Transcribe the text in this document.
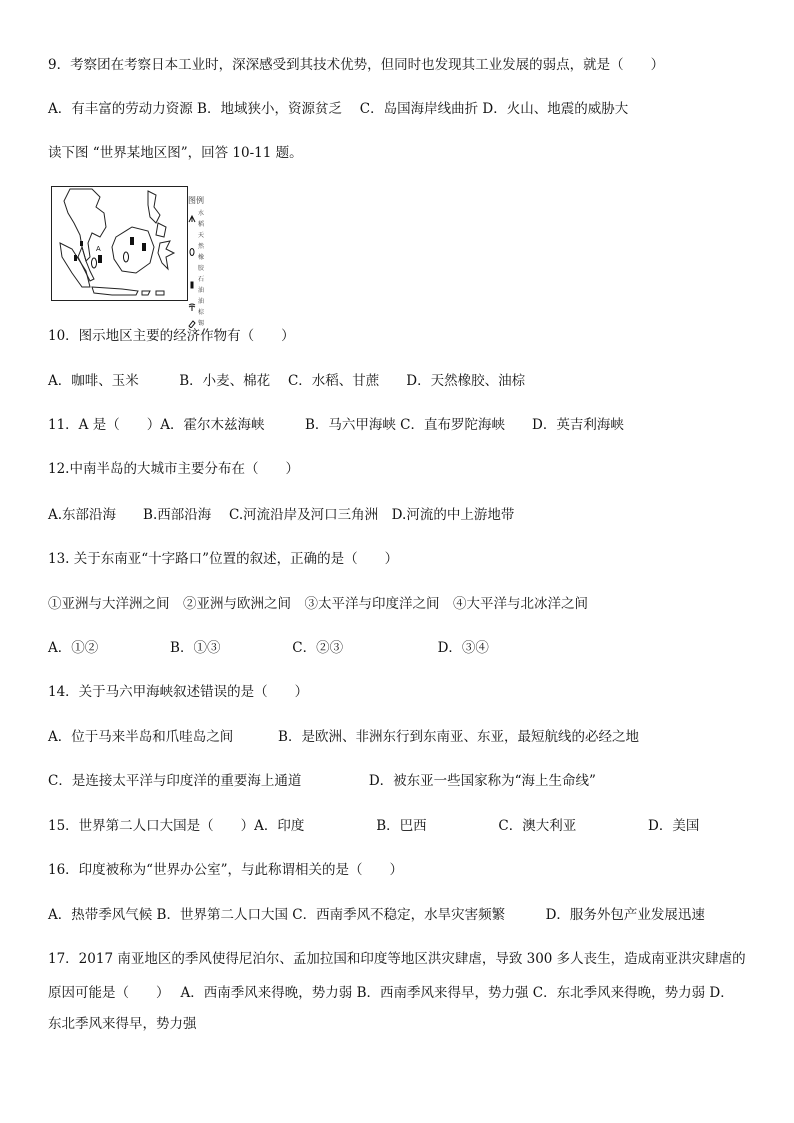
9．考察团在考察日本工业时，深深感受到其技术优势，但同时也发现其工业发展的弱点，就是（　　）
A．有丰富的劳动力资源 B．地域狭小，资源贫乏　 C．岛国海岸线曲折 D．火山、地震的威胁大
读下图 “世界某地区图”，回答 10-11 题。
A
图例
水稻
天然橡胶
石油
油棕
锡
10．图示地区主要的经济作物有（　　）
A．咖啡、玉米　　　B．小麦、棉花　 C．水稻、甘蔗　　D．天然橡胶、油棕
11．A 是（　　）A．霍尔木兹海峡　　　B．马六甲海峡 C．直布罗陀海峡　　D．英吉利海峡
12.中南半岛的大城市主要分布在（　　）
A.东部沿海　　B.西部沿海　 C.河流沿岸及河口三角洲　D.河流的中上游地带
13. 关于东南亚“十字路口”位置的叙述，正确的是（　　）
①亚洲与大洋洲之间　②亚洲与欧洲之间　③太平洋与印度洋之间　④大平洋与北冰洋之间
A．①②　　　　　 B．①③　　　　　 C．②③　　　　　　　D．③④
14．关于马六甲海峡叙述错误的是（　　）
A．位于马来半岛和爪哇岛之间　　　 B．是欧洲、非洲东行到东南亚、东亚，最短航线的必经之地
C．是连接太平洋与印度洋的重要海上通道　　　　　D．被东亚一些国家称为“海上生命线”
15．世界第二人口大国是（　　）A．印度　　　　　 B．巴西　　　　　 C．澳大利亚　　　　　 D．美国
16．印度被称为“世界办公室”，与此称谓相关的是（　　）
A．热带季风气候 B．世界第二人口大国 C．西南季风不稳定，水旱灾害频繁　　　D．服务外包产业发展迅速
17．2017 南亚地区的季风使得尼泊尔、孟加拉国和印度等地区洪灾肆虐，导致 300 多人丧生，造成南亚洪灾肆虐的
原因可能是（　　）　 A．西南季风来得晚，势力弱 B．西南季风来得早，势力强 C．东北季风来得晚，势力弱 D．
东北季风来得早，势力强
